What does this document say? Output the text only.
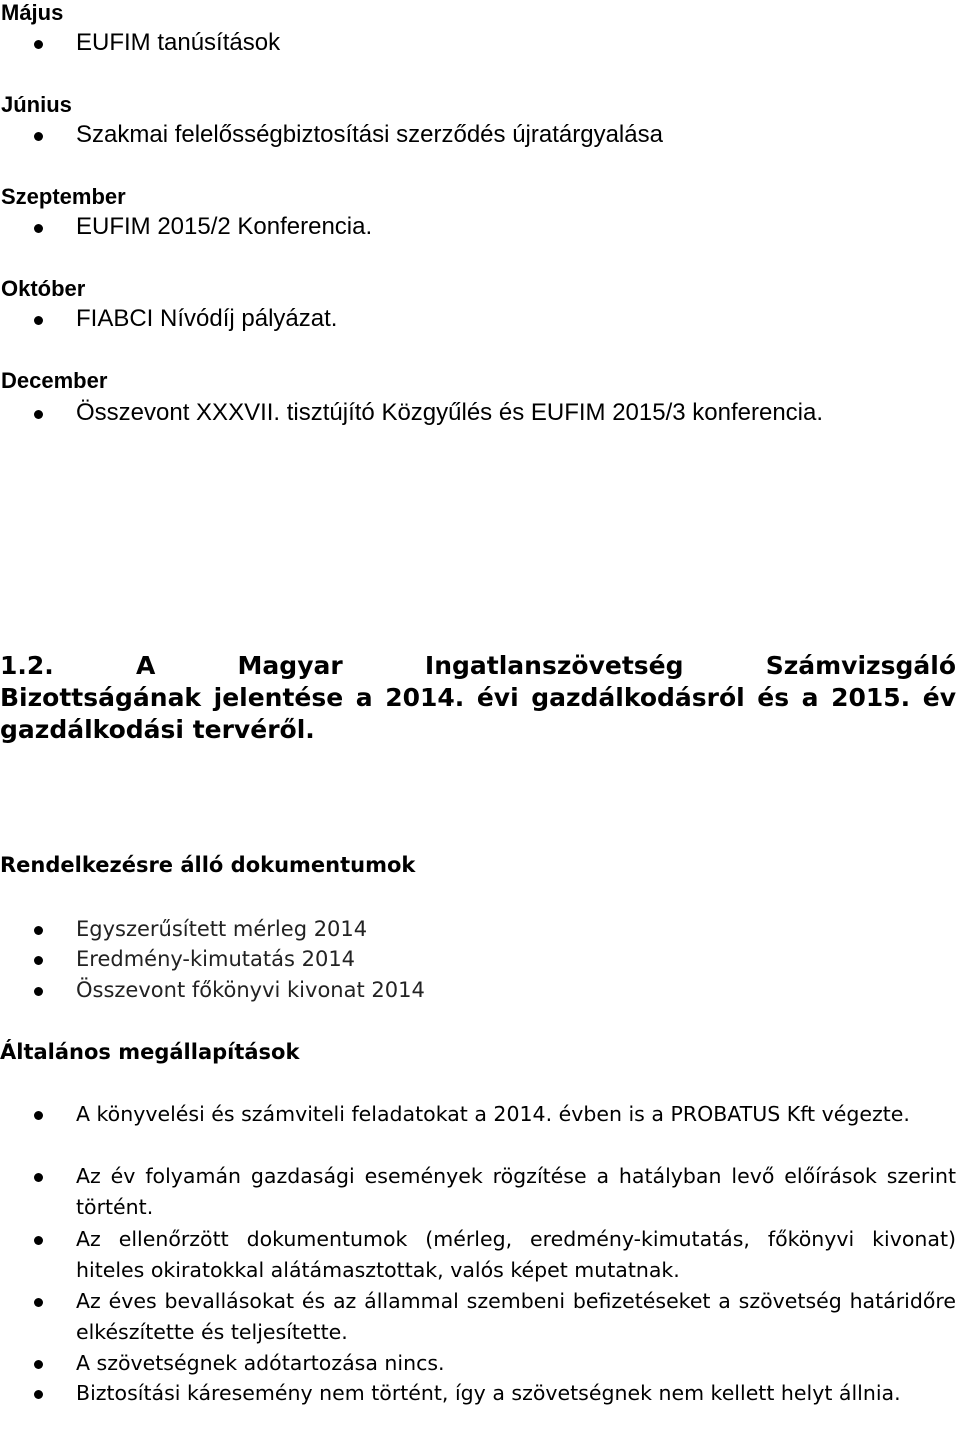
Május
EUFIM tanúsítások
Június
Szakmai felelősségbiztosítási szerződés újratárgyalása
Szeptember
EUFIM 2015/2 Konferencia.
Október
FIABCI Nívódíj pályázat.
December
Összevont XXXVII. tisztújító Közgyűlés és EUFIM 2015/3 konferencia.
1.2. A Magyar Ingatlanszövetség Számvizsgáló
Bizottságának jelentése a 2014. évi gazdálkodásról és a 2015. év
gazdálkodási tervéről.
Rendelkezésre álló dokumentumok
Egyszerűsített mérleg 2014
Eredmény-kimutatás 2014
Összevont főkönyvi kivonat 2014
Általános megállapítások
A könyvelési és számviteli feladatokat a 2014. évben is a PROBATUS Kft végezte.
Az év folyamán gazdasági események rögzítése a hatályban levő előírások szerint történt.
Az ellenőrzött dokumentumok (mérleg, eredmény-kimutatás, főkönyvi kivonat) hiteles okiratokkal alátámasztottak, valós képet mutatnak.
Az éves bevallásokat és az állammal szembeni befizetéseket a szövetség határidőre elkészítette és teljesítette.
A szövetségnek adótartozása nincs.
Biztosítási káresemény nem történt, így a szövetségnek nem kellett helyt állnia.
